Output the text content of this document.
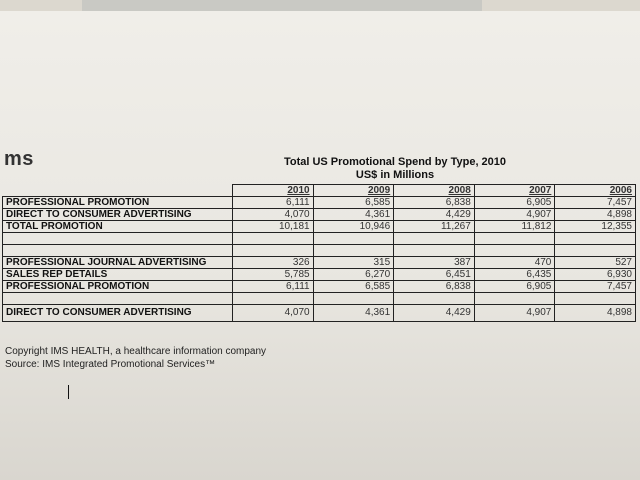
ms	Total US Promotional Spend by Type, 2010
US$ in Millions
	2010	2009	2008	2007	2006
PROFESSIONAL PROMOTION	6,111	6,585	6,838	6,905	7,457
DIRECT TO CONSUMER ADVERTISING	4,070	4,361	4,429	4,907	4,898
TOTAL PROMOTION	10,181	10,946	11,267	11,812	12,355

PROFESSIONAL JOURNAL ADVERTISING	326	315	387	470	527
SALES REP DETAILS	5,785	6,270	6,451	6,435	6,930
PROFESSIONAL PROMOTION	6,111	6,585	6,838	6,905	7,457

DIRECT TO CONSUMER ADVERTISING	4,070	4,361	4,429	4,907	4,898
Copyright IMS HEALTH, a healthcare information company
Source: IMS Integrated Promotional Services™
